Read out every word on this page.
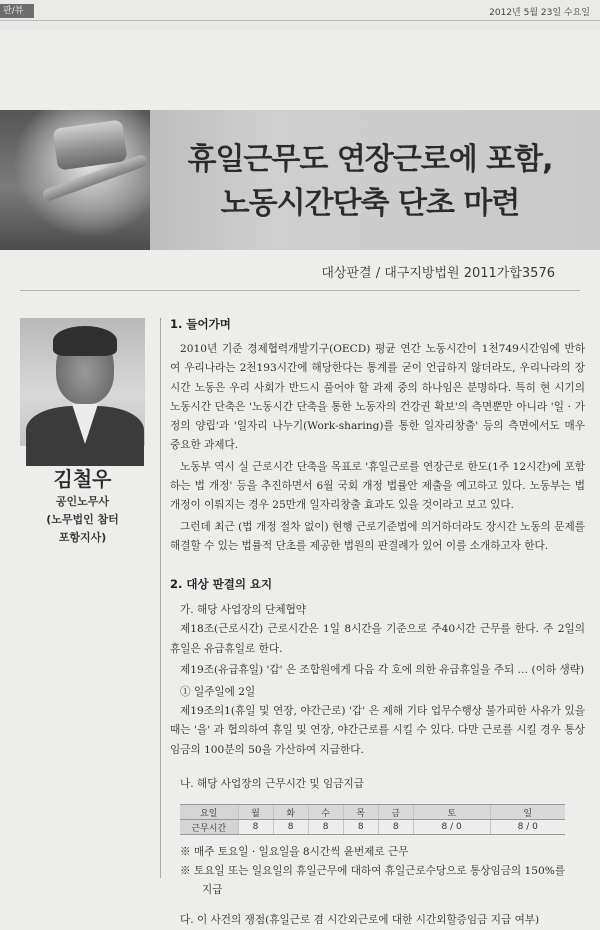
판/뷰	2012년 5월 23일 수요일
휴일근무도 연장근로에 포함,
노동시간단축 단초 마련
대상판결 / 대구지방법원 2011가합3576
김철우
공인노무사
(노무법인 참터
포항지사)
1. 들어가며

2010년 기준 경제협력개발기구(OECD) 평균 연간 노동시간이 1천749시간임에 반하여 우리나라는 2천193시간에 해당한다는 통계를 굳이 언급하지 않더라도, 우리나라의 장시간 노동은 우리 사회가 반드시 풀어야 할 과제 중의 하나임은 분명하다. 특히 현 시기의 노동시간 단축은 '노동시간 단축을 통한 노동자의 건강권 확보'의 측면뿐만 아니라 '일 · 가정의 양립'과 '일자리 나누기(Work-sharing)를 통한 일자리창출' 등의 측면에서도 매우 중요한 과제다.

노동부 역시 실 근로시간 단축을 목표로 '휴일근로를 연장근로 한도(1주 12시간)에 포함하는 법 개정' 등을 추진하면서 6월 국회 개정 법률안 제출을 예고하고 있다. 노동부는 법 개정이 이뤄지는 경우 25만개 일자리창출 효과도 있을 것이라고 보고 있다.

그런데 최근 (법 개정 절차 없이) 현행 근로기준법에 의거하더라도 장시간 노동의 문제를 해결할 수 있는 법률적 단초를 제공한 법원의 판결례가 있어 이를 소개하고자 한다.

2. 대상 판결의 요지
가. 해당 사업장의 단체협약

제18조(근로시간) 근로시간은 1일 8시간을 기준으로 주40시간 근무를 한다. 주 2일의 휴일은 유급휴일로 한다.

제19조(유급휴일) '갑' 은 조합원에게 다음 각 호에 의한 유급휴일을 주되 … (이하 생략)

① 일주일에 2일

제19조의1(휴일 및 연장, 야간근로) '갑' 은 제해 기타 업무수행상 불가피한 사유가 있을 때는 '을' 과 협의하여 휴일 및 연장, 야간근로를 시킬 수 있다. 다만 근로를 시킬 경우 통상임금의 100분의 50을 가산하여 지급한다.

나. 해당 사업장의 근무시간 및 임금지급
요일	월	화	수	목	금	토	일
근무시간	8	8	8	8	8	8 / 0	8 / 0
※ 매주 토요일 · 일요일을 8시간씩 윤번제로 근무
※ 토요일 또는 일요일의 휴일근무에 대하여 휴일근로수당으로 통상임금의 150%를
지급
다. 이 사건의 쟁점(휴일근로 겸 시간외근로에 대한 시간외할증임금 지급 여부)
